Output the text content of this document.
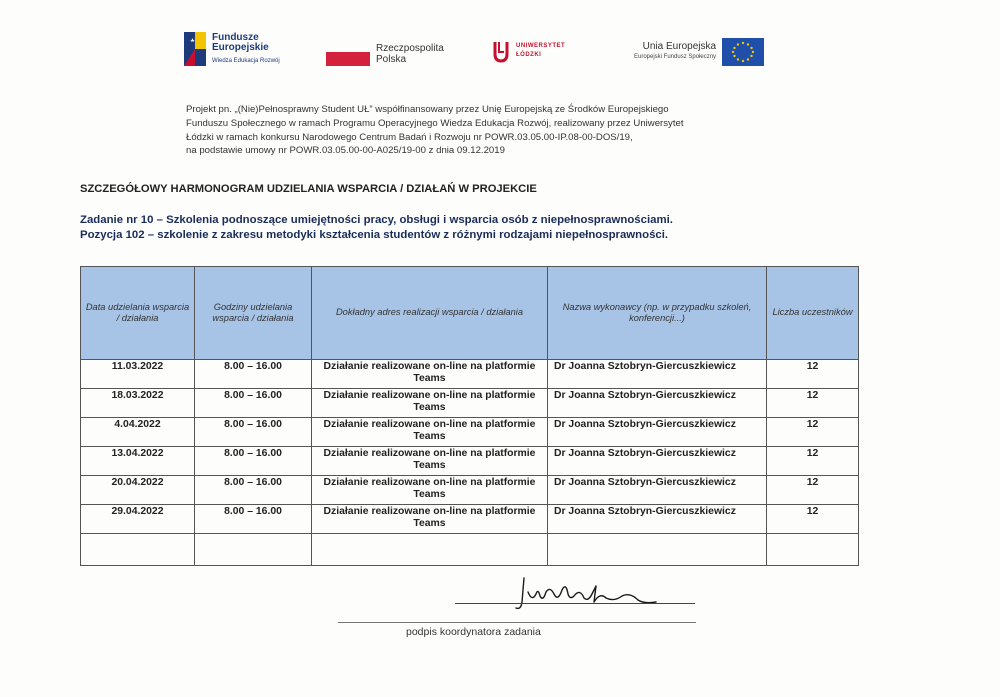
Fundusze
Europejskie
Wiedza Edukacja Rozwój
Rzeczpospolita
Polska
UNIWERSYTET
ŁÓDZKI
Unia Europejska
Europejski Fundusz Społeczny
Projekt pn. „(Nie)Pełnosprawny Student UŁ” współfinansowany przez Unię Europejską ze Środków Europejskiego
Funduszu Społecznego w ramach Programu Operacyjnego Wiedza Edukacja Rozwój, realizowany przez Uniwersytet
Łódzki w ramach konkursu Narodowego Centrum Badań i Rozwoju nr POWR.03.05.00-IP.08-00-DOS/19,
na podstawie umowy nr POWR.03.05.00-00-A025/19-00 z dnia 09.12.2019
SZCZEGÓŁOWY HARMONOGRAM UDZIELANIA WSPARCIA / DZIAŁAŃ W PROJEKCIE
Zadanie nr 10 – Szkolenia podnoszące umiejętności pracy, obsługi i wsparcia osób z niepełnosprawnościami.
Pozycja 102 – szkolenie z zakresu metodyki kształcenia studentów z różnymi rodzajami niepełnosprawności.
Data udzielania wsparcia / działania	Godziny udzielania wsparcia / działania	Dokładny adres realizacji wsparcia / działania	Nazwa wykonawcy (np. w przypadku szkoleń, konferencji...)	Liczba uczestników
11.03.2022	8.00 – 16.00	Działanie realizowane on-line na platformie Teams	Dr Joanna Sztobryn-Giercuszkiewicz	12
18.03.2022	8.00 – 16.00	Działanie realizowane on-line na platformie Teams	Dr Joanna Sztobryn-Giercuszkiewicz	12
4.04.2022	8.00 – 16.00	Działanie realizowane on-line na platformie Teams	Dr Joanna Sztobryn-Giercuszkiewicz	12
13.04.2022	8.00 – 16.00	Działanie realizowane on-line na platformie Teams	Dr Joanna Sztobryn-Giercuszkiewicz	12
20.04.2022	8.00 – 16.00	Działanie realizowane on-line na platformie Teams	Dr Joanna Sztobryn-Giercuszkiewicz	12
29.04.2022	8.00 – 16.00	Działanie realizowane on-line na platformie Teams	Dr Joanna Sztobryn-Giercuszkiewicz	12

podpis koordynatora zadania
